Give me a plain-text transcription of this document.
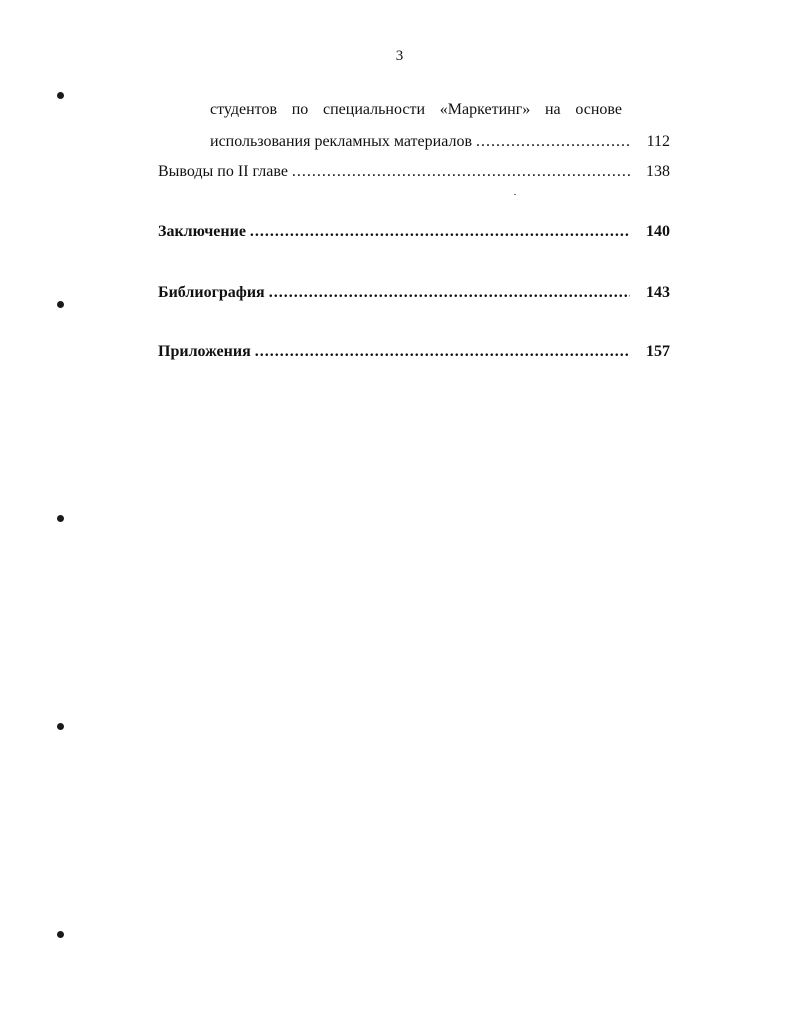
3
студентов по специальности «Маркетинг» на основе
использования рекламных материалов .....	112
Выводы по II главе .....	138
Заключение .....	140
Библиография .....	143
Приложения .....	157
